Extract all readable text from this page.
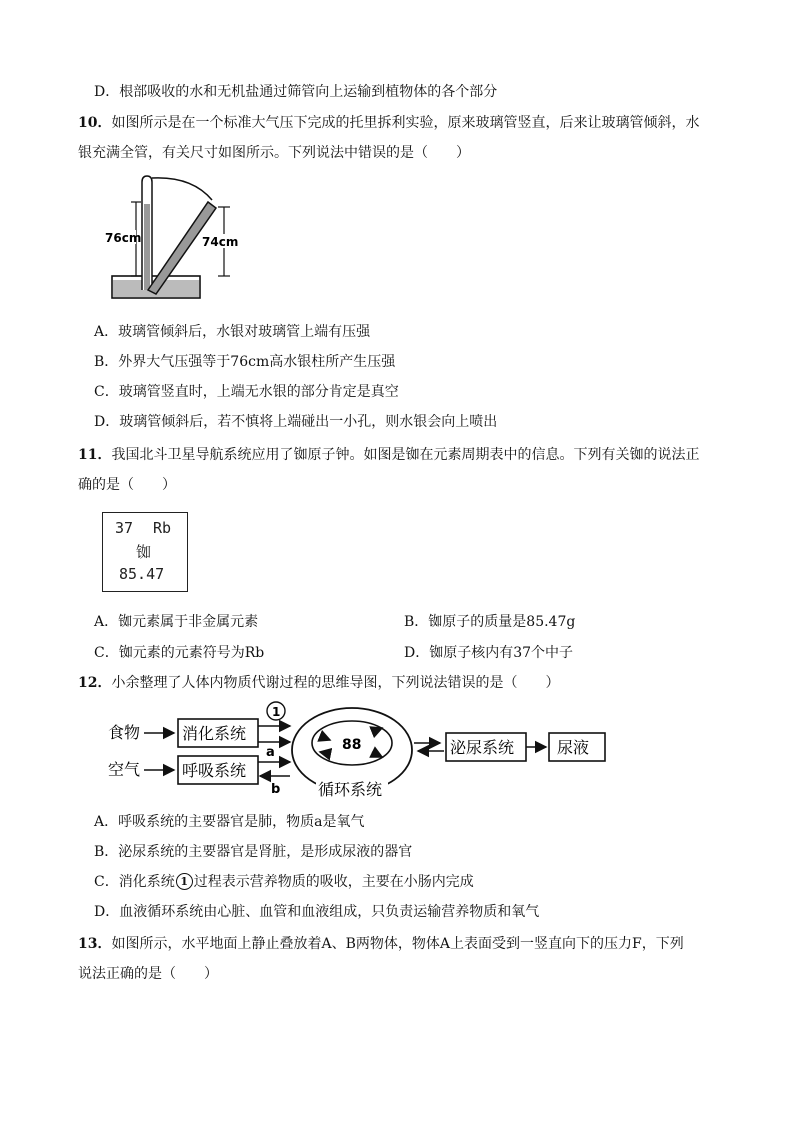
D．根部吸收的水和无机盐通过筛管向上运输到植物体的各个部分
10．如图所示是在一个标准大气压下完成的托里拆利实验，原来玻璃管竖直，后来让玻璃管倾斜，水
银充满全管，有关尺寸如图所示。下列说法中错误的是（　　）
76cm	74cm
A．玻璃管倾斜后，水银对玻璃管上端有压强
B．外界大气压强等于76cm高水银柱所产生压强
C．玻璃管竖直时，上端无水银的部分肯定是真空
D．玻璃管倾斜后，若不慎将上端碰出一小孔，则水银会向上喷出
11．我国北斗卫星导航系统应用了铷原子钟。如图是铷在元素周期表中的信息。下列有关铷的说法正
确的是（　　）
37 Rb
铷
85.47
A．铷元素属于非金属元素	B．铷原子的质量是85.47g
C．铷元素的元素符号为Rb	D．铷原子核内有37个中子
12．小余整理了人体内物质代谢过程的思维导图，下列说法错误的是（　　）
食物	消化系统
1
空气	呼吸系统
a
b
88
循环系统
泌尿系统	尿液
A．呼吸系统的主要器官是肺，物质a是氧气
B．泌尿系统的主要器官是肾脏，是形成尿液的器官
C．消化系统 1 过程表示营养物质的吸收，主要在小肠内完成
D．血液循环系统由心脏、血管和血液组成，只负责运输营养物质和氧气
13．如图所示，水平地面上静止叠放着A、B两物体，物体A上表面受到一竖直向下的压力F，下列
说法正确的是（　　）
